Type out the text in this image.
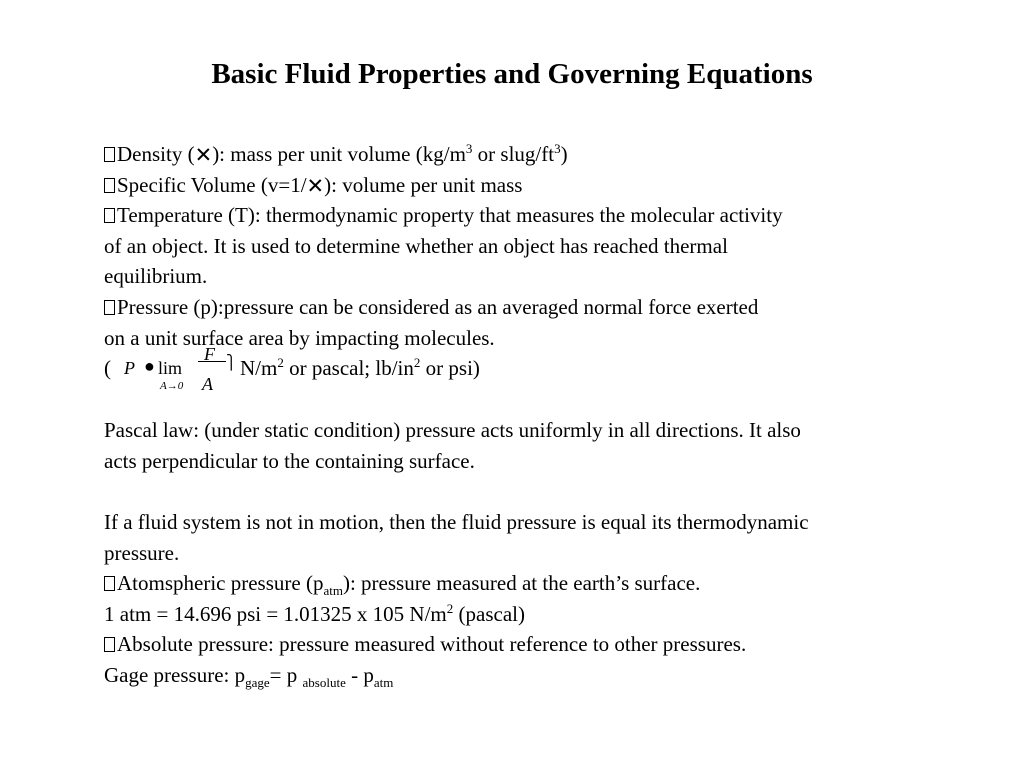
Basic Fluid Properties and Governing Equations
Density (✕): mass per unit volume ($kg/m^3$ or slug/$ft^3$)
Specific Volume (v=1/✕): volume per unit mass
Temperature (T): thermodynamic property that measures the molecular activity
of an object. It is used to determine whether an object has reached thermal
equilibrium.
Pressure (p):pressure can be considered as an averaged normal force exerted
on a unit surface area by impacting molecules.
( P ● lim
A→0
F
A
⎫ $N/m^2$ or pascal; $lb/in^2$ or psi)
Pascal law: (under static condition) pressure acts uniformly in all directions. It also
acts perpendicular to the containing surface.
If a fluid system is not in motion, then the fluid pressure is equal its thermodynamic
pressure.
Atomspheric pressure $(p_{atm})$: pressure measured at the earth’s surface.
1 atm = 14.696 psi = 1.01325 x 105 $N/m^2$ (pascal)
Absolute pressure: pressure measured without reference to other pressures.
Gage pressure: $p_{gage}= p$ $_{absolute} - p_{atm}$
